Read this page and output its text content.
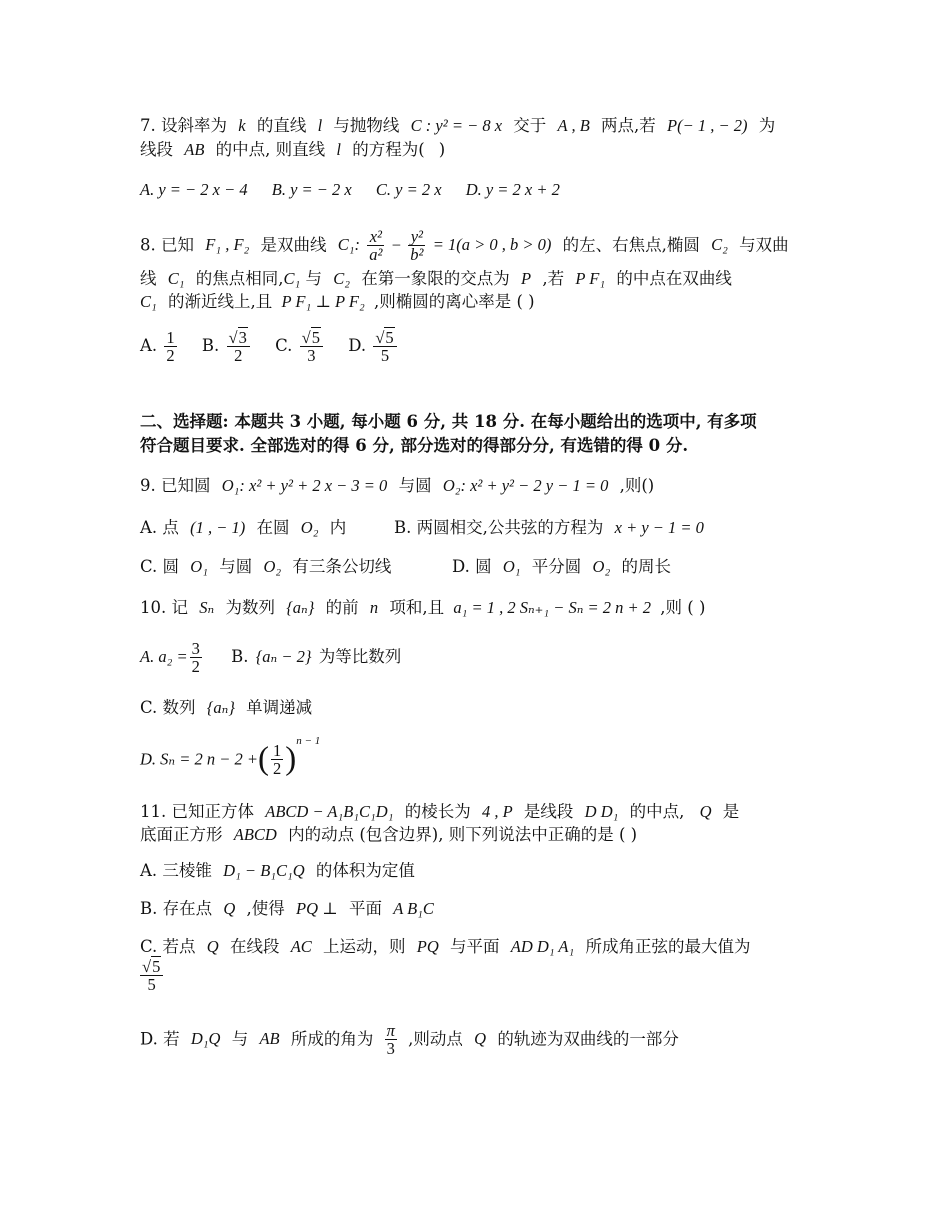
7. 设斜率为 k 的直线 l 与抛物线 C : y² = − 8 x 交于 A , B 两点,若 P(− 1 , − 2) 为
线段 AB 的中点, 则直线 l 的方程为( )
A. y = − 2 x − 4 B. y = − 2 x C. y = 2 x D. y = 2 x + 2
8. 已知 F₁ , F₂ 是双曲线 C₁: $\frac{\text{x²}}{\text{a²}} - \frac{\text{y²}}{\text{b²}} = 1(a > 0$ , b > 0) 的左、右焦点,椭圆 C₂ 与双曲
线 C₁ 的焦点相同,C₁ 与 C₂ 在第一象限的交点为 P ,若 P F₁ 的中点在双曲线
C₁ 的渐近线上,且 P F₁ ⊥ P F₂ ,则椭圆的离心率是 ( )
A. $\frac{1}{2} B$. $\frac{√3}{2} C$. $\frac{√5}{3} D$. $\frac{√5}{5}$
二、选择题: 本题共 3 小题, 每小题 6 分, 共 18 分. 在每小题给出的选项中, 有多项
符合题目要求. 全部选对的得 6 分, 部分选对的得部分分, 有选错的得 0 分.
9. 已知圆 O₁: x² + y² + 2 x − 3 = 0 与圆 O₂: x² + y² − 2 y − 1 = 0 ,则()
A. 点 (1 , − 1) 在圆 O₂ 内	B. 两圆相交,公共弦的方程为 x + y − 1 = 0
C. 圆 O₁ 与圆 O₂ 有三条公切线	D. 圆 O₁ 平分圆 O₂ 的周长
10. 记 Sₙ 为数列 {aₙ} 的前 n 项和,且 a₁ = 1 , 2 Sₙ₊₁ − Sₙ = 2 n + 2 ,则 ( )
A. $a_2 = \frac{3}{2} B$. {aₙ − 2} 为等比数列
C. 数列 {aₙ} 单调递减
D. Sₙ = 2 n − 2 +( $\frac{1}{2} )^{n - 1}$
11. 已知正方体 ABCD − A₁B₁C₁D₁ 的棱长为 4 , P 是线段 D D₁ 的中点, Q 是
底面正方形 ABCD 内的动点 (包含边界), 则下列说法中正确的是 ( )
A. 三棱锥 D₁ − B₁C₁Q 的体积为定值
B. 存在点 Q ,使得 PQ ⊥ 平面 A B₁C
C. 若点 Q 在线段 AC 上运动，则 PQ 与平面 AD D₁ A₁ 所成角正弦的最大值为
$\frac{√5}{5}$
D. 若 D₁Q 与 AB 所成的角为 $\frac{\pi}{3}$ ,则动点 Q 的轨迹为双曲线的一部分
